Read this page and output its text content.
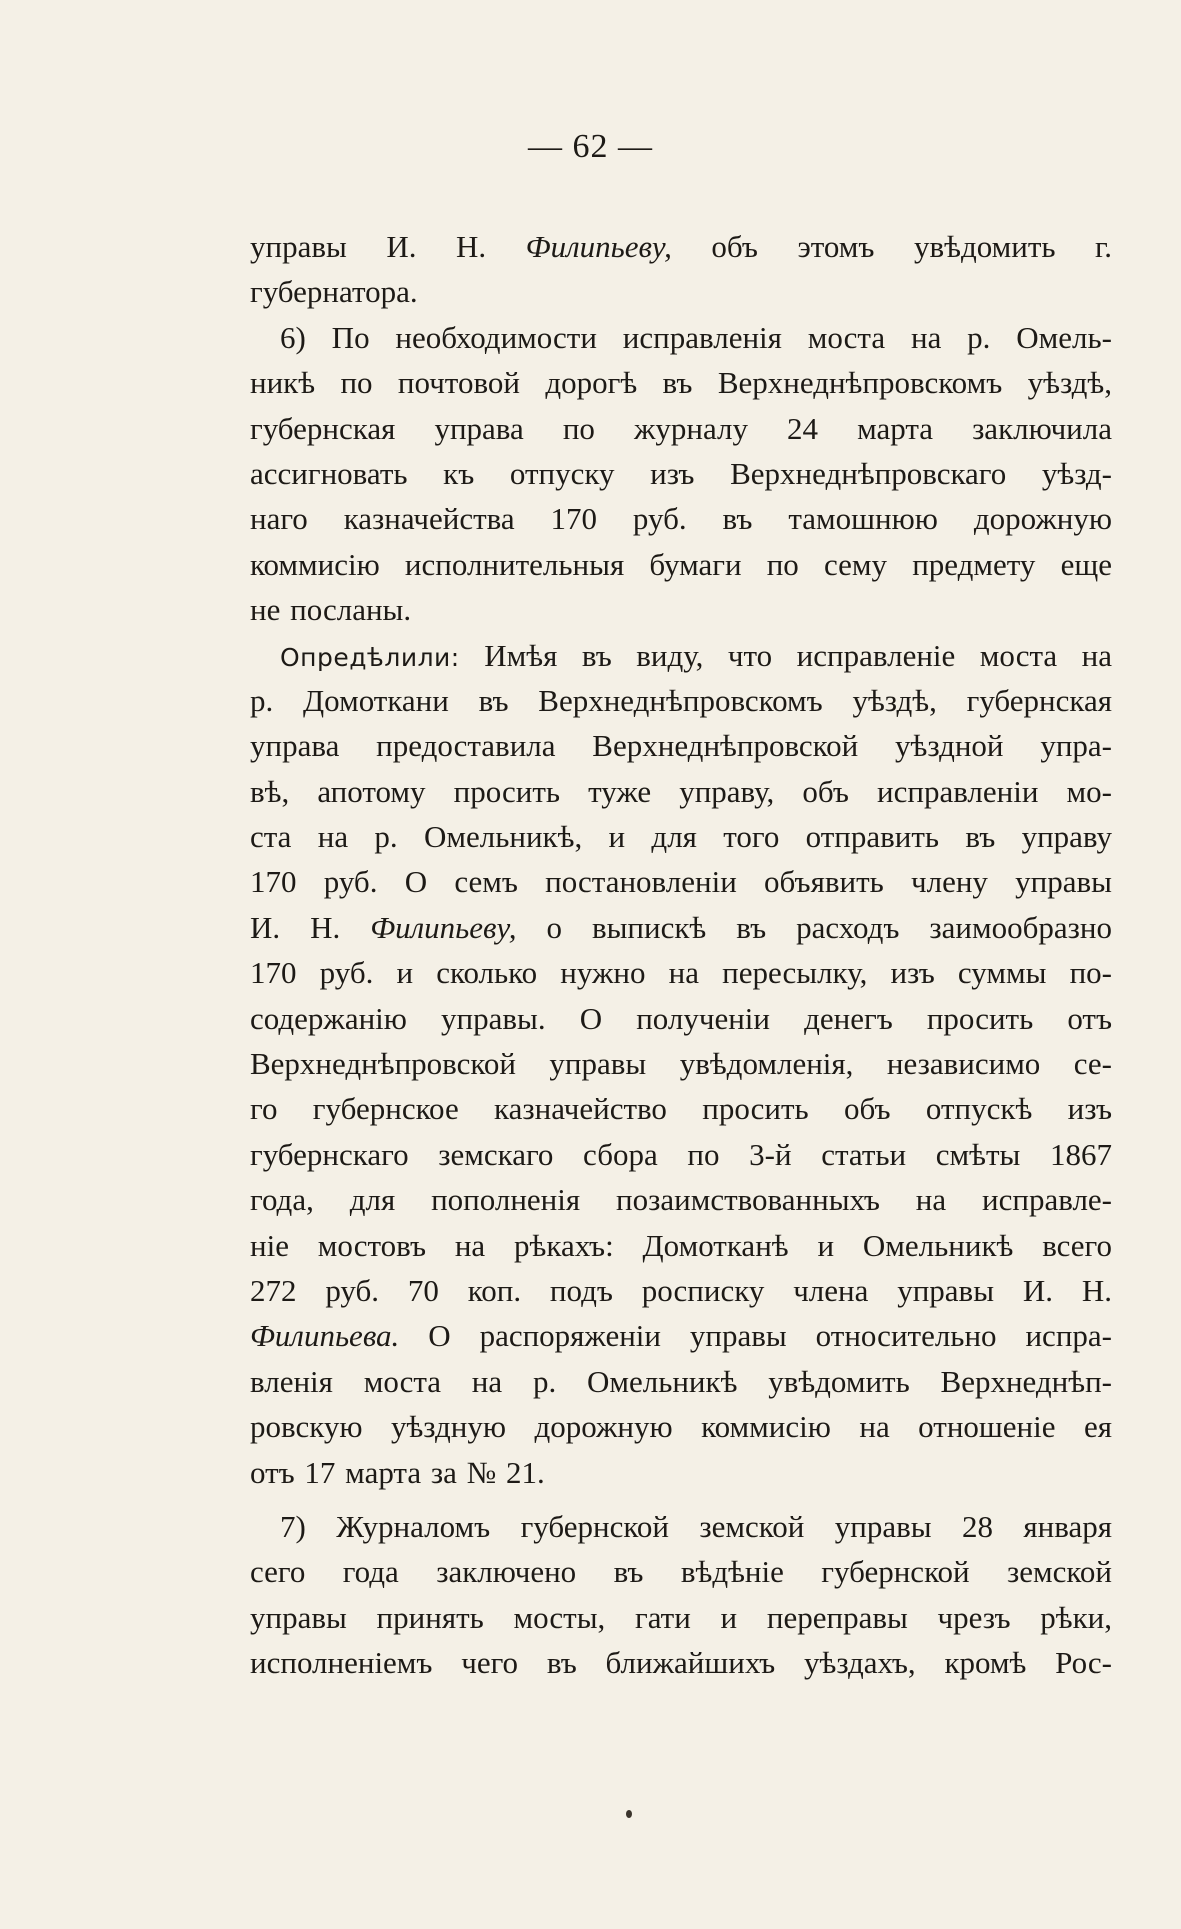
— 62 —
управы И. Н. Филипьеву, объ этомъ увѣдомить г.
губернатора.
6) По необходимости исправленія моста на р. Омель-
никѣ по почтовой дорогѣ въ Верхнеднѣпровскомъ уѣздѣ,
губернская управа по журналу 24 марта заключила
ассигновать къ отпуску изъ Верхнеднѣпровскаго уѣзд-
наго казначейства 170 руб. въ тамошнюю дорожную
коммисію исполнительныя бумаги по сему предмету еще
не посланы.
Опредѣлили: Имѣя въ виду, что исправленіе моста на
р. Домоткани въ Верхнеднѣпровскомъ уѣздѣ, губернская
управа предоставила Верхнеднѣпровской уѣздной упра-
вѣ, апотому просить туже управу, объ исправленіи мо-
ста на р. Омельникѣ, и для того отправить въ управу
170 руб. О семъ постановленіи объявить члену управы
И. Н. Филипьеву, о выпискѣ въ расходъ заимообразно
170 руб. и сколько нужно на пересылку, изъ суммы по-
содержанію управы. О полученіи денегъ просить отъ
Верхнеднѣпровской управы увѣдомленія, независимо се-
го губернское казначейство просить объ отпускѣ изъ
губернскаго земскаго сбора по 3-й статьи смѣты 1867
года, для пополненія позаимствованныхъ на исправле-
ніе мостовъ на рѣкахъ: Домотканѣ и Омельникѣ всего
272 руб. 70 коп. подъ росписку члена управы И. Н.
Филипьева. О распоряженіи управы относительно испра-
вленія моста на р. Омельникѣ увѣдомить Верхнеднѣп-
ровскую уѣздную дорожную коммисію на отношеніе ея
отъ 17 марта за № 21.
7) Журналомъ губернской земской управы 28 января
сего года заключено въ вѣдѣніе губернской земской
управы принять мосты, гати и переправы чрезъ рѣки,
исполненіемъ чего въ ближайшихъ уѣздахъ, кромѣ Рос-
